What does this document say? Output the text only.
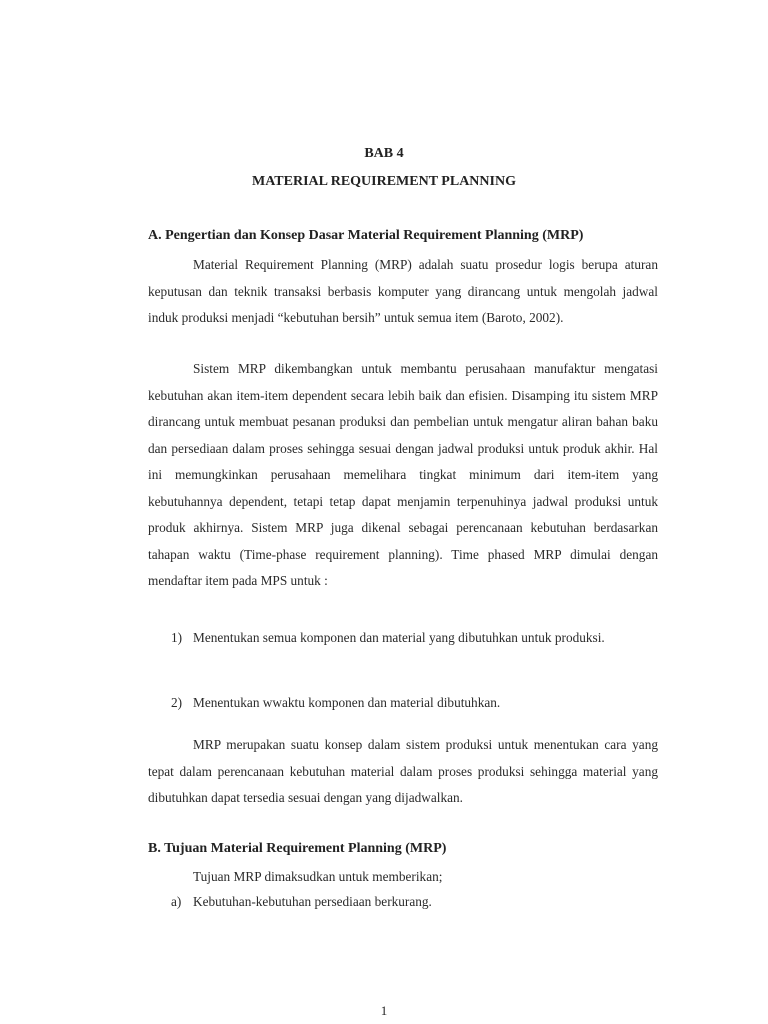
BAB 4
MATERIAL REQUIREMENT PLANNING
A. Pengertian dan Konsep Dasar Material Requirement Planning (MRP)
Material Requirement Planning (MRP) adalah suatu prosedur logis berupa aturan keputusan dan teknik transaksi berbasis komputer yang dirancang untuk mengolah jadwal induk produksi menjadi “kebutuhan bersih” untuk semua item (Baroto, 2002).
Sistem MRP dikembangkan untuk membantu perusahaan manufaktur mengatasi kebutuhan akan item-item dependent secara lebih baik dan efisien. Disamping itu sistem MRP dirancang untuk membuat pesanan produksi dan pembelian untuk mengatur aliran bahan baku dan persediaan dalam proses sehingga sesuai dengan jadwal produksi untuk produk akhir. Hal ini memungkinkan perusahaan memelihara tingkat minimum dari item-item yang kebutuhannya dependent, tetapi tetap dapat menjamin terpenuhinya jadwal produksi untuk produk akhirnya. Sistem MRP juga dikenal sebagai perencanaan kebutuhan berdasarkan tahapan waktu (Time-phase requirement planning). Time phased MRP dimulai dengan mendaftar item pada MPS untuk :
1) Menentukan semua komponen dan material yang dibutuhkan untuk produksi.
2) Menentukan wwaktu komponen dan material dibutuhkan.
MRP merupakan suatu konsep dalam sistem produksi untuk menentukan cara yang tepat dalam perencanaan kebutuhan material dalam proses produksi sehingga material yang dibutuhkan dapat tersedia sesuai dengan yang dijadwalkan.
B. Tujuan Material Requirement Planning (MRP)
Tujuan MRP dimaksudkan untuk memberikan;
a) Kebutuhan-kebutuhan persediaan berkurang.
1
